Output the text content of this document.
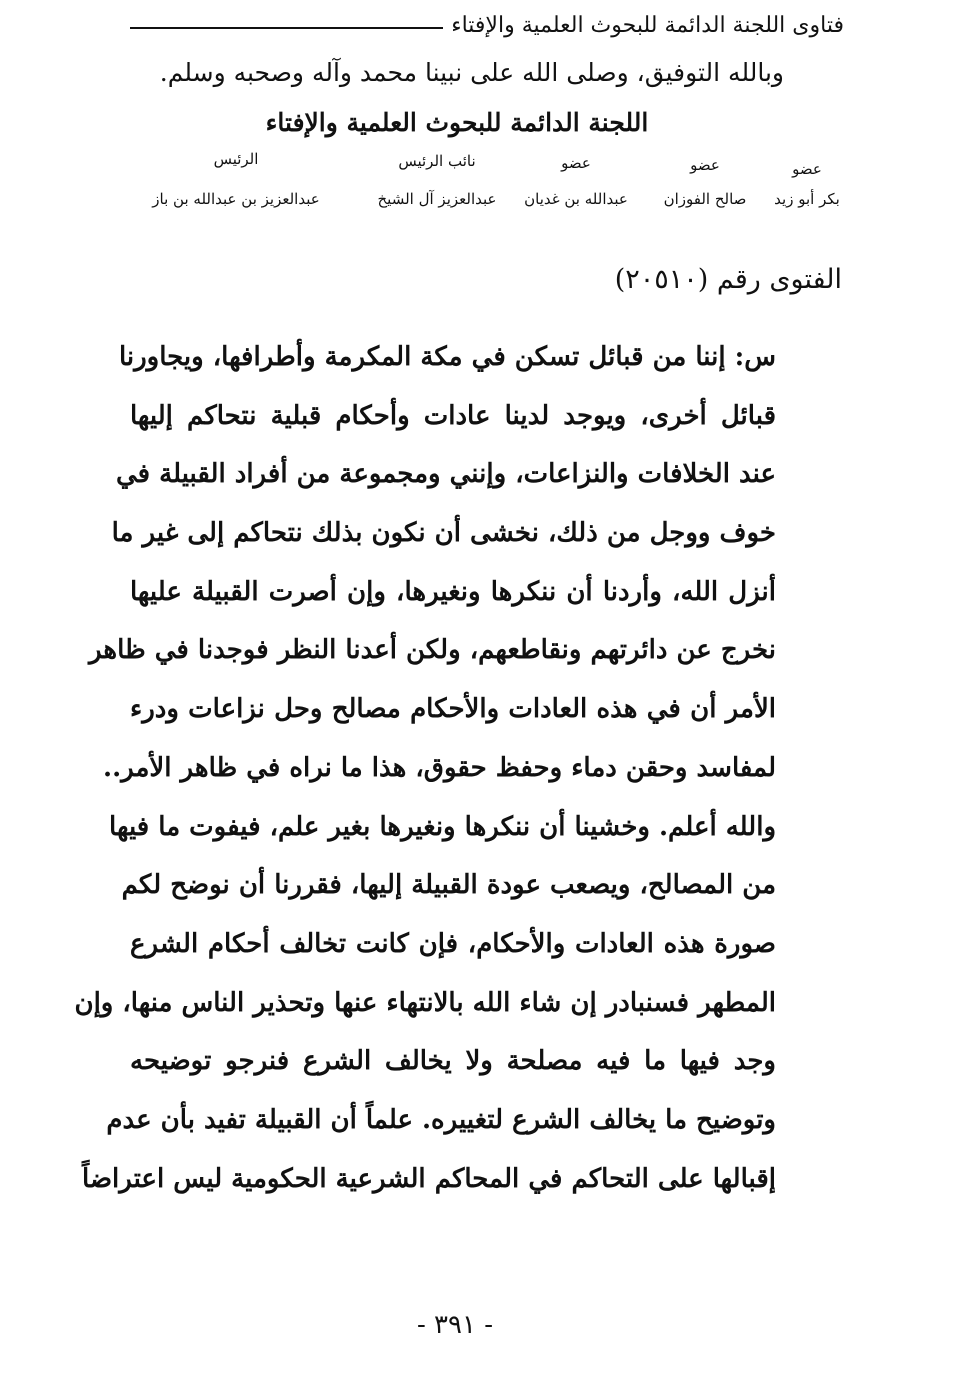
فتاوى اللجنة الدائمة للبحوث العلمية والإفتاء
وبالله التوفيق، وصلى الله على نبينا محمد وآله وصحبه وسلم.
اللجنة الدائمة للبحوث العلمية والإفتاء
عضو
بكر أبو زيد
عضو
صالح الفوزان
عضو
عبدالله بن غديان
نائب الرئيس
عبدالعزيز آل الشيخ
الرئيس
عبدالعزيز بن عبدالله بن باز
الفتوى رقم (٢٠٥١٠)
س: إننا من قبائل تسكن في مكة المكرمة وأطرافها، ويجاورنا
قبائل أخرى، ويوجد لدينا عادات وأحكام قبلية نتحاكم إليها
عند الخلافات والنزاعات، وإنني ومجموعة من أفراد القبيلة في
خوف ووجل من ذلك، نخشى أن نكون بذلك نتحاكم إلى غير ما
أنزل الله، وأردنا أن ننكرها ونغيرها، وإن أصرت القبيلة عليها
نخرج عن دائرتهم ونقاطعهم، ولكن أعدنا النظر فوجدنا في ظاهر
الأمر أن في هذه العادات والأحكام مصالح وحل نزاعات ودرء
لمفاسد وحقن دماء وحفظ حقوق، هذا ما نراه في ظاهر الأمر..
والله أعلم. وخشينا أن ننكرها ونغيرها بغير علم، فيفوت ما فيها
من المصالح، ويصعب عودة القبيلة إليها، فقررنا أن نوضح لكم
صورة هذه العادات والأحكام، فإن كانت تخالف أحكام الشرع
المطهر فسنبادر إن شاء الله بالانتهاء عنها وتحذير الناس منها، وإن
وجد فيها ما فيه مصلحة ولا يخالف الشرع فنرجو توضيحه
وتوضيح ما يخالف الشرع لتغييره. علماً أن القبيلة تفيد بأن عدم
إقبالها على التحاكم في المحاكم الشرعية الحكومية ليس اعتراضاً
- ٣٩١ -
